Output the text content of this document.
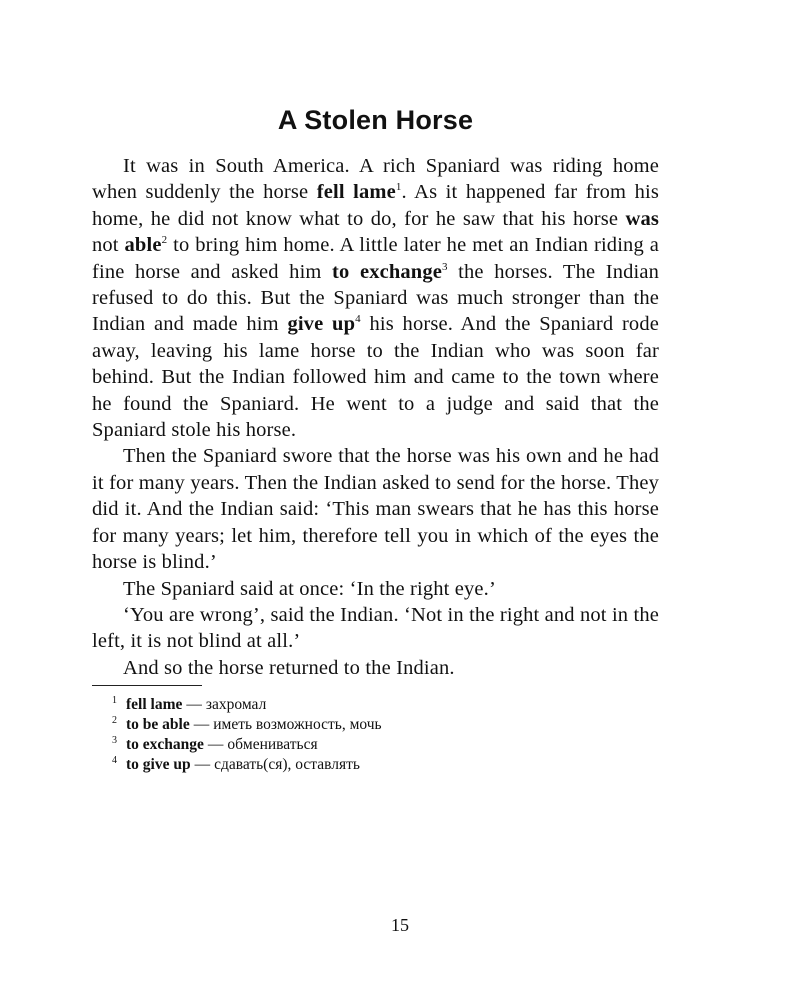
A Stolen Horse

It was in South America. A rich Spaniard was riding home when suddenly the horse fell lame$^1$. As it happened far from his home, he did not know what to do, for he saw that his horse was not able$^2$ to bring him home. A little later he met an Indian riding a fine horse and asked him to exchange$^3$ the horses. The Indian refused to do this. But the Spaniard was much stronger than the Indian and made him give $up^4$ his horse. And the Spaniard rode away, leaving his lame horse to the Indian who was soon far behind. But the Indian followed him and came to the town where he found the Spaniard. He went to a judge and said that the Spaniard stole his horse.

Then the Spaniard swore that the horse was his own and he had it for many years. Then the Indian asked to send for the horse. They did it. And the Indian said: ‘This man swears that he has this horse for many years; let him, therefore tell you in which of the eyes the horse is blind.’

The Spaniard said at once: ‘In the right eye.’

‘You are wrong’, said the Indian. ‘Not in the right and not in the left, it is not blind at all.’

And so the horse returned to the Indian.

$^1$ fell lame — захромал
$^2$ to be able — иметь возможность, мочь
$^3$ to exchange — обмениваться
$^4$ to give up — сдавать(ся), оставлять
15
